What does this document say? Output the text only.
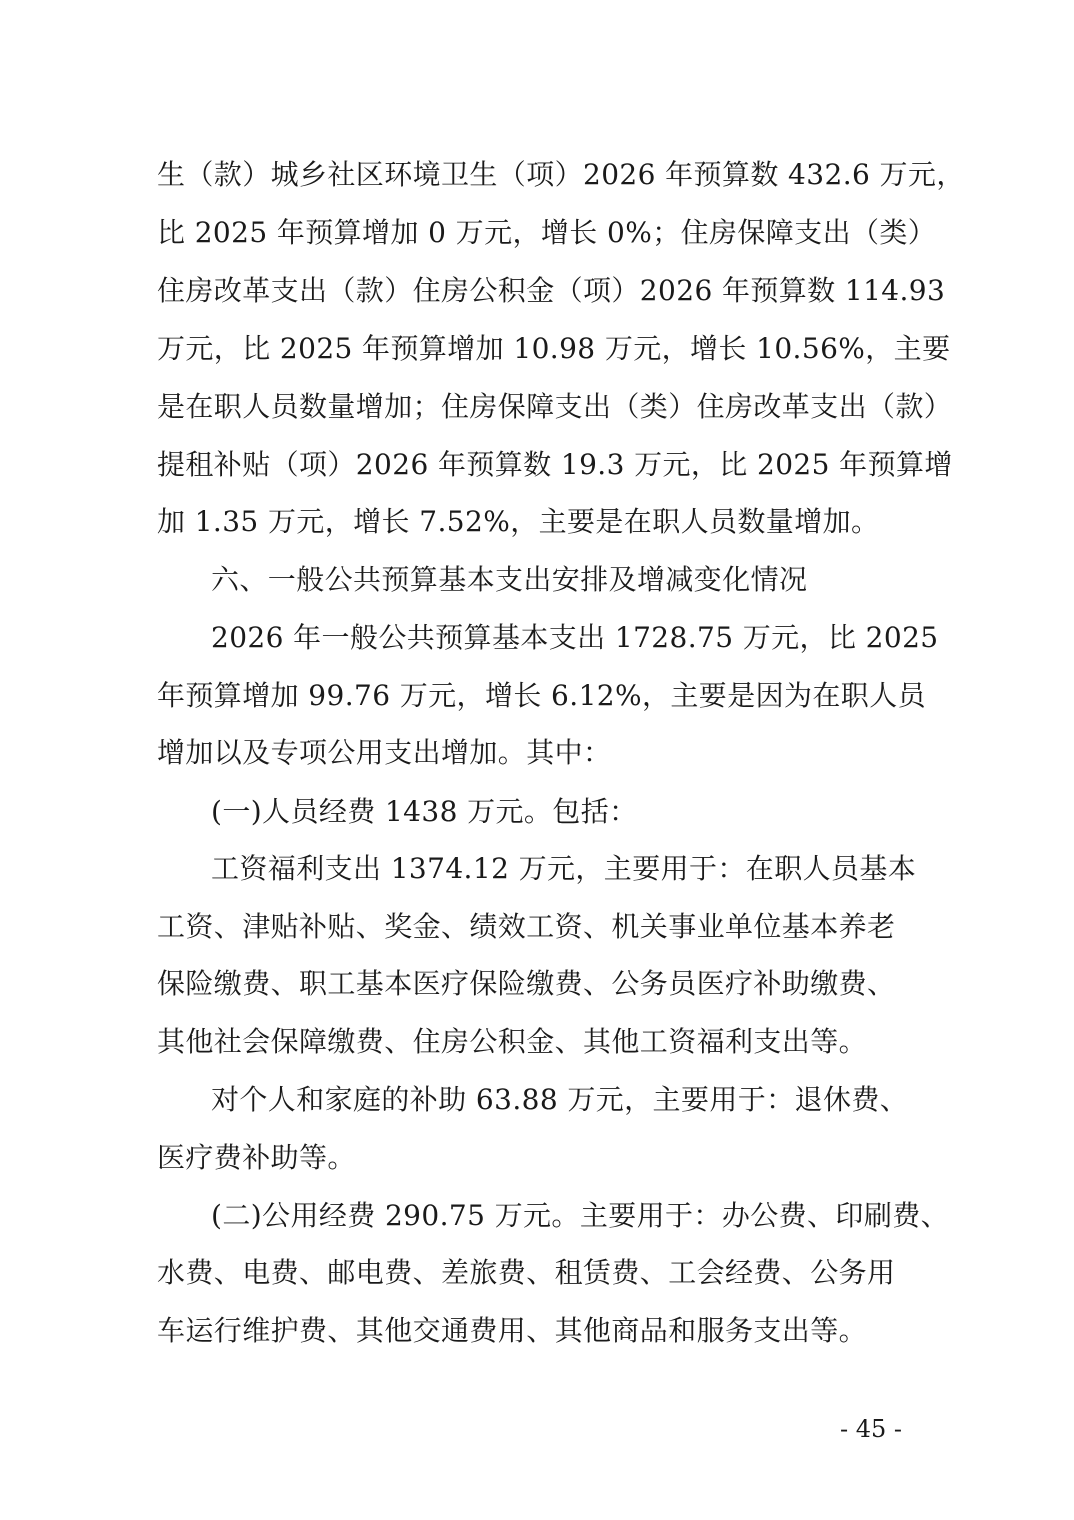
生（款）城乡社区环境卫生（项）2026 年预算数 432.6 万元，
比 2025 年预算增加 0 万元，增长 0%；住房保障支出（类）
住房改革支出（款）住房公积金（项）2026 年预算数 114.93
万元，比 2025 年预算增加 10.98 万元，增长 10.56%，主要
是在职人员数量增加；住房保障支出（类）住房改革支出（款）
提租补贴（项）2026 年预算数 19.3 万元，比 2025 年预算增
加 1.35 万元，增长 7.52%，主要是在职人员数量增加。
六、一般公共预算基本支出安排及增减变化情况
2026 年一般公共预算基本支出 1728.75 万元，比 2025
年预算增加 99.76 万元，增长 6.12%，主要是因为在职人员
增加以及专项公用支出增加。其中：
(一)人员经费 1438 万元。包括：
工资福利支出 1374.12 万元，主要用于：在职人员基本
工资、津贴补贴、奖金、绩效工资、机关事业单位基本养老
保险缴费、职工基本医疗保险缴费、公务员医疗补助缴费、
其他社会保障缴费、住房公积金、其他工资福利支出等。
对个人和家庭的补助 63.88 万元，主要用于：退休费、
医疗费补助等。
(二)公用经费 290.75 万元。主要用于：办公费、印刷费、
水费、电费、邮电费、差旅费、租赁费、工会经费、公务用
车运行维护费、其他交通费用、其他商品和服务支出等。
- 45 -
